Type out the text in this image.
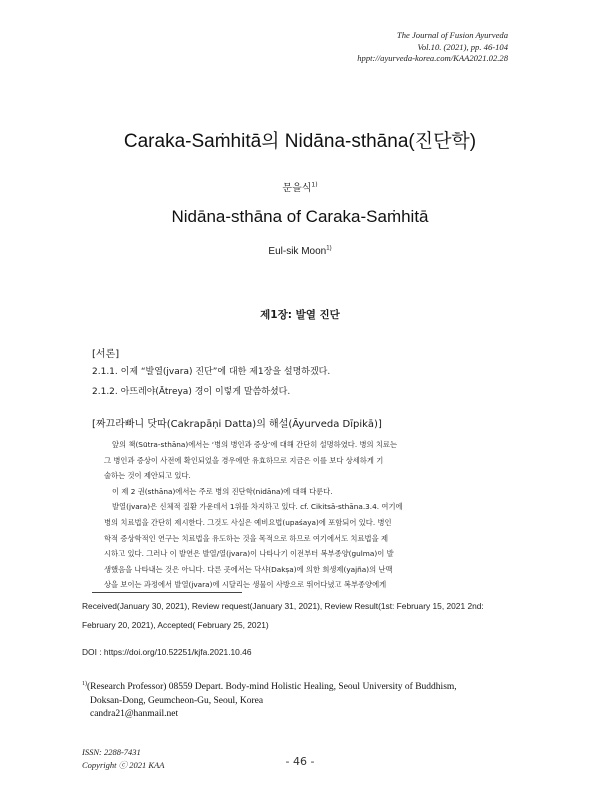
The Journal of Fusion Ayurveda
Vol.10. (2021), pp. 46-104
hppt://ayurveda-korea.com/KAA2021.02.28
Caraka-Saṁhitā의 Nidāna-sthāna(진단학)
문을식$^{1)}$
Nidāna-sthāna of Caraka-Saṁhitā
Eul-sik Moon$^{1)}$
제1장: 발열 진단
[서론]
2.1.1. 이제 “발열(jvara) 진단”에 대한 제1장을 설명하겠다.
2.1.2. 아뜨레야(Ātreya) 경이 이렇게 말씀하셨다.
[짜끄라빠니 닷따(Cakrapāṇi Datta)의 해설(Āyurveda Dīpikā)]
앞의 책(Sūtra-sthāna)에서는 ‘병의 병인과 증상’에 대해 간단히 설명하였다. 병의 치료는
그 병인과 증상이 사전에 확인되었을 경우에만 유효하므로 지금은 이를 보다 상세하게 기
술하는 것이 제안되고 있다.
이 제 2 권(sthāna)에서는 주로 병의 진단학(nidāna)에 대해 다룬다.
발열(jvara)은 신체적 질환 가운데서 1위를 차지하고 있다. cf. Cikitsā-sthāna.3.4. 여기에
병의 치료법을 간단히 제시한다. 그것도 사실은 예비요법(upaśaya)에 포함되어 있다. 병인
학적 증상학적인 연구는 치료법을 유도하는 것을 목적으로 하므로 여기에서도 치료법을 제
시하고 있다. 그러나 이 발연은 발열/열(jvara)이 나타나기 이전부터 복부종양(gulma)이 발
생했음을 나타내는 것은 아니다. 다른 곳에서는 닥샤(Dakṣa)에 의한 희생제(yajña)의 난맥
상을 보이는 과정에서 발열(jvara)에 시달리는 생물이 사방으로 뛰어다녔고 복부종양에게
Received(January 30, 2021), Review request(January 31, 2021), Review Result(1st: February 15, 2021 2nd:
February 20, 2021), Accepted( February 25, 2021)
DOI : https://doi.org/10.52251/kjfa.2021.10.46
$^{1)}$(Research Professor) 08559 Depart. Body-mind Holistic Healing, Seoul University of Buddhism,
Doksan-Dong, Geumcheon-Gu, Seoul, Korea
candra21@hanmail.net
ISSN: 2288-7431
Copyright ⓒ 2021 KAA	- 46 -
